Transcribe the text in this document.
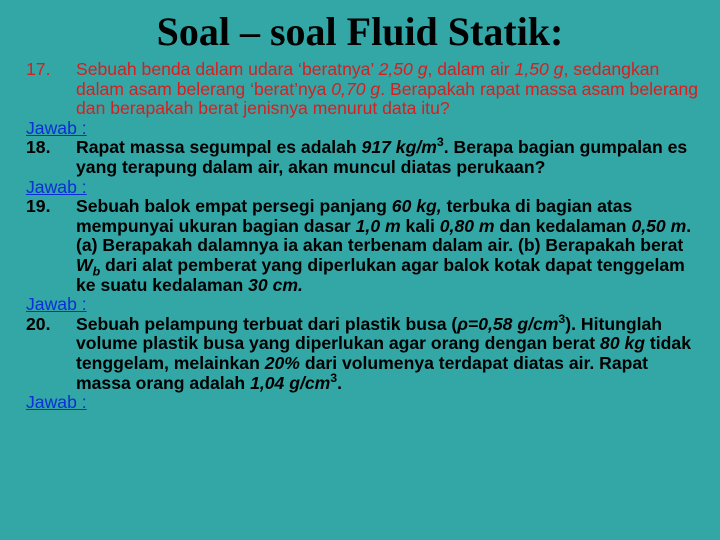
Soal – soal Fluid Statik:
17.	Sebuah benda dalam udara ‘beratnya’ 2,50 g, dalam air 1,50 g, sedangkan dalam asam belerang ‘berat’nya 0,70 g. Berapakah rapat massa asam belerang dan berapakah berat jenisnya menurut data itu?
Jawab :
18.	Rapat massa segumpal es adalah 917 $kg/m^3$. Berapa bagian gumpalan es yang terapung dalam air, akan muncul diatas perukaan?
Jawab :
19.	Sebuah balok empat persegi panjang 60 kg, terbuka di bagian atas mempunyai ukuran bagian dasar 1,0 m kali 0,80 m dan kedalaman 0,50 m. (a) Berapakah dalamnya ia akan terbenam dalam air. (b) Berapakah berat $W_b$ dari alat pemberat yang diperlukan agar balok kotak dapat tenggelam ke suatu kedalaman 30 cm.
Jawab :
20.	Sebuah pelampung terbuat dari plastik busa (ρ=0,58 $g/cm^3$). Hitunglah volume plastik busa yang diperlukan agar orang dengan berat 80 kg tidak tenggelam, melainkan 20% dari volumenya terdapat diatas air. Rapat massa orang adalah 1,04 $g/cm^3$.
Jawab :
